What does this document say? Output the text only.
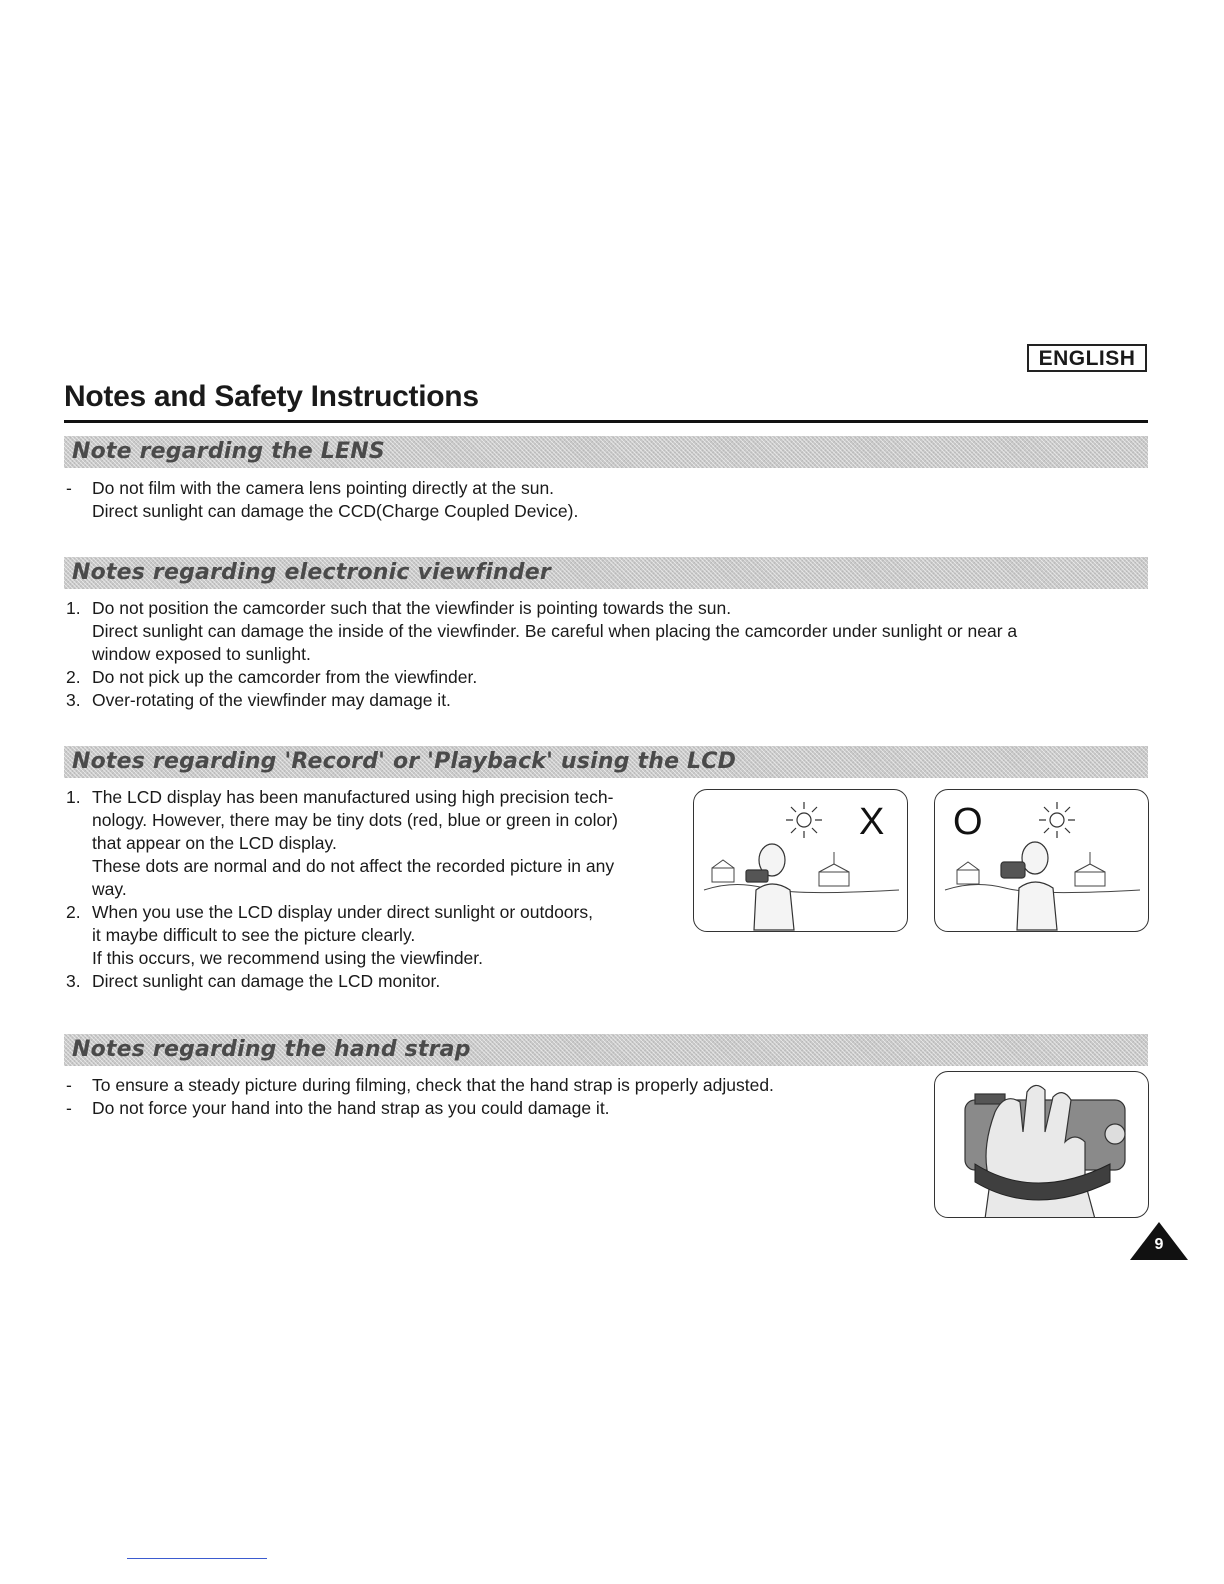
ENGLISH
Notes and Safety Instructions
Note regarding the LENS
- Do not film with the camera lens pointing directly at the sun.
Direct sunlight can damage the CCD(Charge Coupled Device).
Notes regarding electronic viewfinder
1. Do not position the camcorder such that the viewfinder is pointing towards the sun.
Direct sunlight can damage the inside of the viewfinder. Be careful when placing the camcorder under sunlight or near a
window exposed to sunlight.
2. Do not pick up the camcorder from the viewfinder.
3. Over-rotating of the viewfinder may damage it.
Notes regarding 'Record' or 'Playback' using the LCD
1. The LCD display has been manufactured using high precision tech-
nology. However, there may be tiny dots (red, blue or green in color)
that appear on the LCD display.
These dots are normal and do not affect the recorded picture in any
way.
2. When you use the LCD display under direct sunlight or outdoors,
it maybe difficult to see the picture clearly.
If this occurs, we recommend using the viewfinder.
3. Direct sunlight can damage the LCD monitor.
X O
Notes regarding the hand strap
- To ensure a steady picture during filming, check that the hand strap is properly adjusted.
- Do not force your hand into the hand strap as you could damage it.
9
